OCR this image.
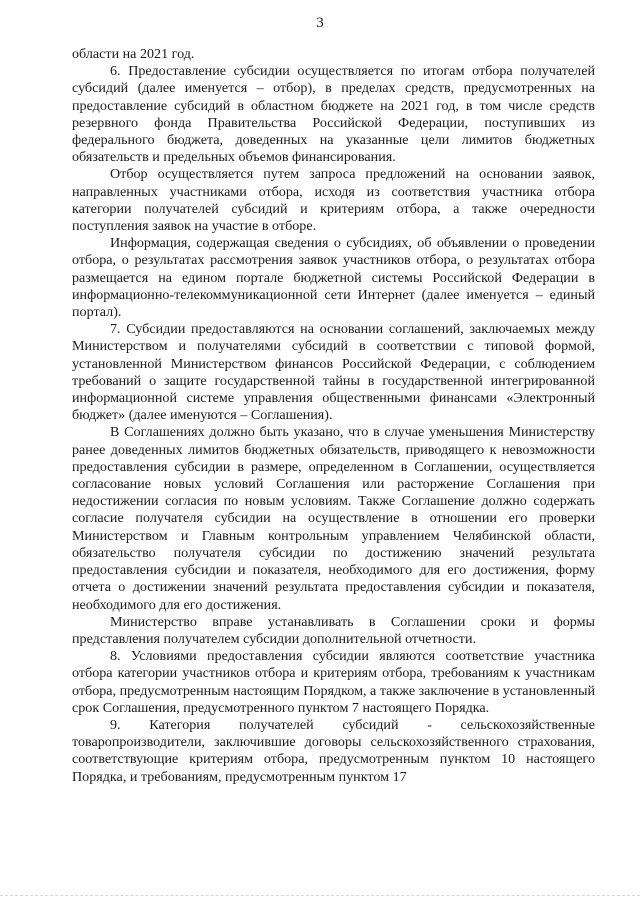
3

области на 2021 год.

6. Предоставление субсидии осуществляется по итогам отбора получателей субсидий (далее именуется – отбор), в пределах средств, предусмотренных на предоставление субсидий в областном бюджете на 2021 год, в том числе средств резервного фонда Правительства Российской Федерации, поступивших из федерального бюджета, доведенных на указанные цели лимитов бюджетных обязательств и предельных объемов финансирования.

Отбор осуществляется путем запроса предложений на основании заявок, направленных участниками отбора, исходя из соответствия участника отбора категории получателей субсидий и критериям отбора, а также очередности поступления заявок на участие в отборе.

Информация, содержащая сведения о субсидиях, об объявлении о проведении отбора, о результатах рассмотрения заявок участников отбора, о результатах отбора размещается на едином портале бюджетной системы Российской Федерации в информационно-телекоммуникационной сети Интернет (далее именуется – единый портал).

7. Субсидии предоставляются на основании соглашений, заключаемых между Министерством и получателями субсидий в соответствии с типовой формой, установленной Министерством финансов Российской Федерации, с соблюдением требований о защите государственной тайны в государственной интегрированной информационной системе управления общественными финансами «Электронный бюджет» (далее именуются – Соглашения).

В Соглашениях должно быть указано, что в случае уменьшения Министерству ранее доведенных лимитов бюджетных обязательств, приводящего к невозможности предоставления субсидии в размере, определенном в Соглашении, осуществляется согласование новых условий Соглашения или расторжение Соглашения при недостижении согласия по новым условиям. Также Соглашение должно содержать согласие получателя субсидии на осуществление в отношении его проверки Министерством и Главным контрольным управлением Челябинской области, обязательство получателя субсидии по достижению значений результата предоставления субсидии и показателя, необходимого для его достижения, форму отчета о достижении значений результата предоставления субсидии и показателя, необходимого для его достижения.

Министерство вправе устанавливать в Соглашении сроки и формы представления получателем субсидии дополнительной отчетности.

8. Условиями предоставления субсидии являются соответствие участника отбора категории участников отбора и критериям отбора, требованиям к участникам отбора, предусмотренным настоящим Порядком, а также заключение в установленный срок Соглашения, предусмотренного пунктом 7 настоящего Порядка.

9. Категория получателей субсидий - сельскохозяйственные товаропроизводители, заключившие договоры сельскохозяйственного страхования, соответствующие критериям отбора, предусмотренным пунктом 10 настоящего Порядка, и требованиям, предусмотренным пунктом 17
